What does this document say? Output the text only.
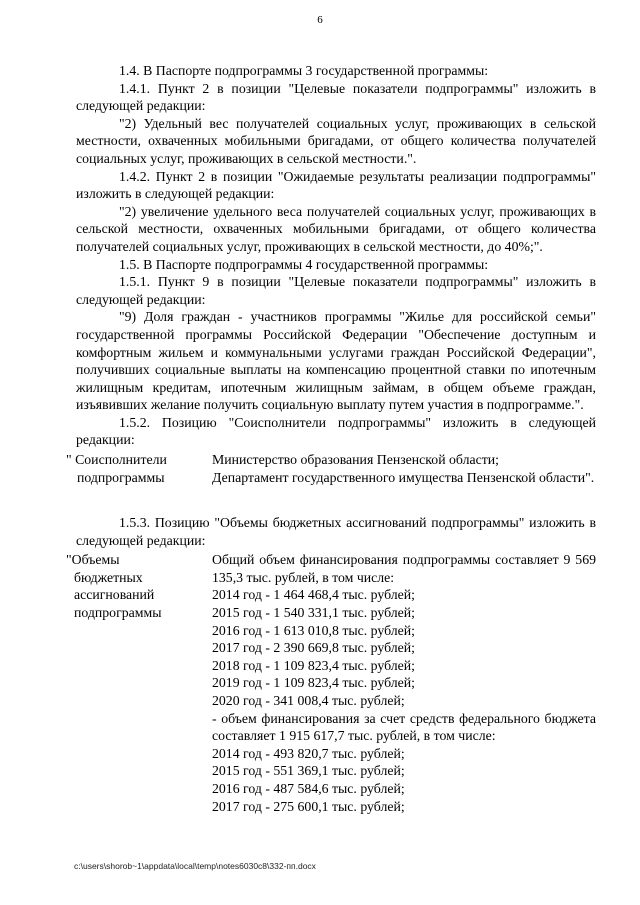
6

1.4. В Паспорте подпрограммы 3 государственной программы:

1.4.1. Пункт 2 в позиции "Целевые показатели подпрограммы" изложить в следующей редакции:

"2) Удельный вес получателей социальных услуг, проживающих в сельской местности, охваченных мобильными бригадами, от общего количества получателей социальных услуг, проживающих в сельской местности.".

1.4.2. Пункт 2 в позиции "Ожидаемые результаты реализации подпрограммы" изложить в следующей редакции:

"2) увеличение удельного веса получателей социальных услуг, проживающих в сельской местности, охваченных мобильными бригадами, от общего количества получателей социальных услуг, проживающих в сельской местности, до 40%;".

1.5. В Паспорте подпрограммы 4 государственной программы:

1.5.1. Пункт 9 в позиции "Целевые показатели подпрограммы" изложить в следующей редакции:

"9) Доля граждан - участников программы "Жилье для российской семьи" государственной программы Российской Федерации "Обеспечение доступным и комфортным жильем и коммунальными услугами граждан Российской Федерации", получивших социальные выплаты на компенсацию процентной ставки по ипотечным жилищным кредитам, ипотечным жилищным займам, в общем объеме граждан, изъявивших желание получить социальную выплату путем участия в подпрограмме.".

1.5.2. Позицию "Соисполнители подпрограммы" изложить в следующей редакции:

" Соисполнители
подпрограммы
Министерство образования Пензенской области;
Департамент государственного имущества Пензенской области".

1.5.3. Позицию "Объемы бюджетных ассигнований подпрограммы" изложить в следующей редакции:

"Объемы
бюджетных
ассигнований
подпрограммы
Общий объем финансирования подпрограммы составляет 9 569 135,3 тыс. рублей, в том числе:
2014 год - 1 464 468,4 тыс. рублей;
2015 год - 1 540 331,1 тыс. рублей;
2016 год - 1 613 010,8 тыс. рублей;
2017 год - 2 390 669,8 тыс. рублей;
2018 год - 1 109 823,4 тыс. рублей;
2019 год - 1 109 823,4 тыс. рублей;
2020 год - 341 008,4 тыс. рублей;
- объем финансирования за счет средств федерального бюджета составляет 1 915 617,7 тыс. рублей, в том числе:
2014 год - 493 820,7 тыс. рублей;
2015 год - 551 369,1 тыс. рублей;
2016 год - 487 584,6 тыс. рублей;
2017 год - 275 600,1 тыс. рублей;
c:\users\shorob~1\appdata\local\temp\notes6030c8\332-пп.docx
